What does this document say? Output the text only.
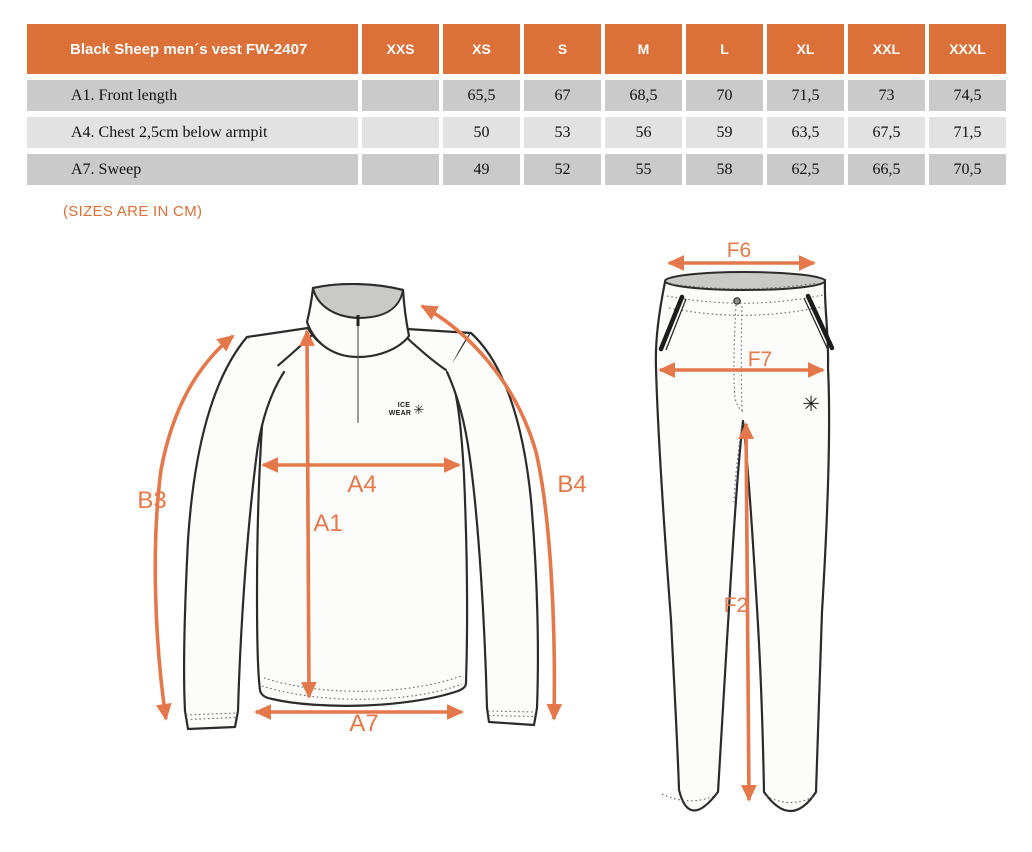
Black Sheep men´s vest FW-2407	XXS	XS	S	M	L	XL	XXL	XXXL
A1. Front length		65,5	67	68,5	70	71,5	73	74,5
A4. Chest 2,5cm below armpit		50	53	56	59	63,5	67,5	71,5
A7. Sweep		49	52	55	58	62,5	66,5	70,5
(SIZES ARE IN CM)
ICE
WEAR ✳
B3
B4
A4
A1
A7
✳
F6
F7
F2
